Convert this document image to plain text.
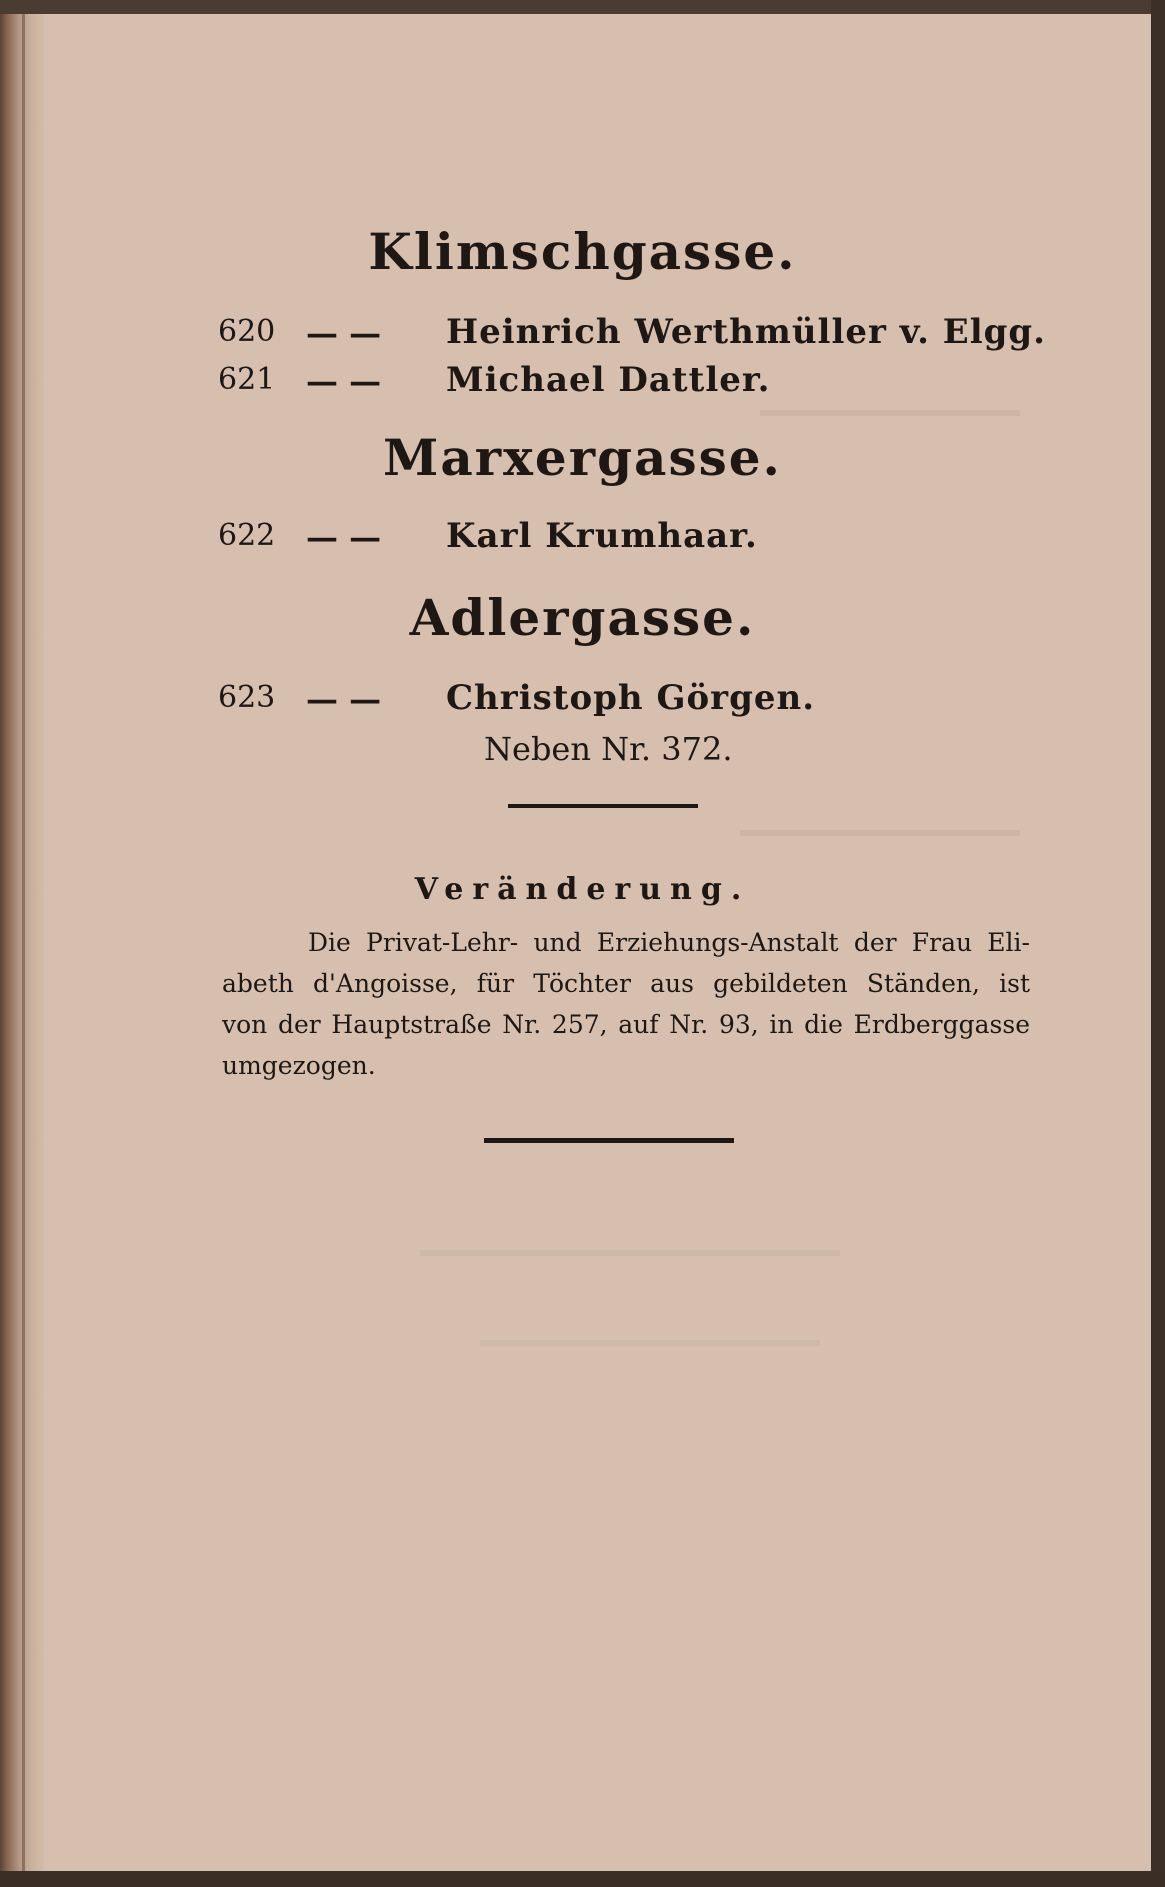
Klimschgasse.
620 — — Heinrich Werthmüller v. Elgg.
621 — — Michael Dattler.
Marxergasse.
622 — — Karl Krumhaar.
Adlergasse.
623 — — Christoph Görgen.
Neben Nr. 372.
Veränderung.
Die Privat-Lehr- und Erziehungs-Anstalt der Frau Eli-
abeth d'Angoisse, für Töchter aus gebildeten Ständen, ist
von der Hauptstraße Nr. 257, auf Nr. 93, in die Erdberggasse
umgezogen.
